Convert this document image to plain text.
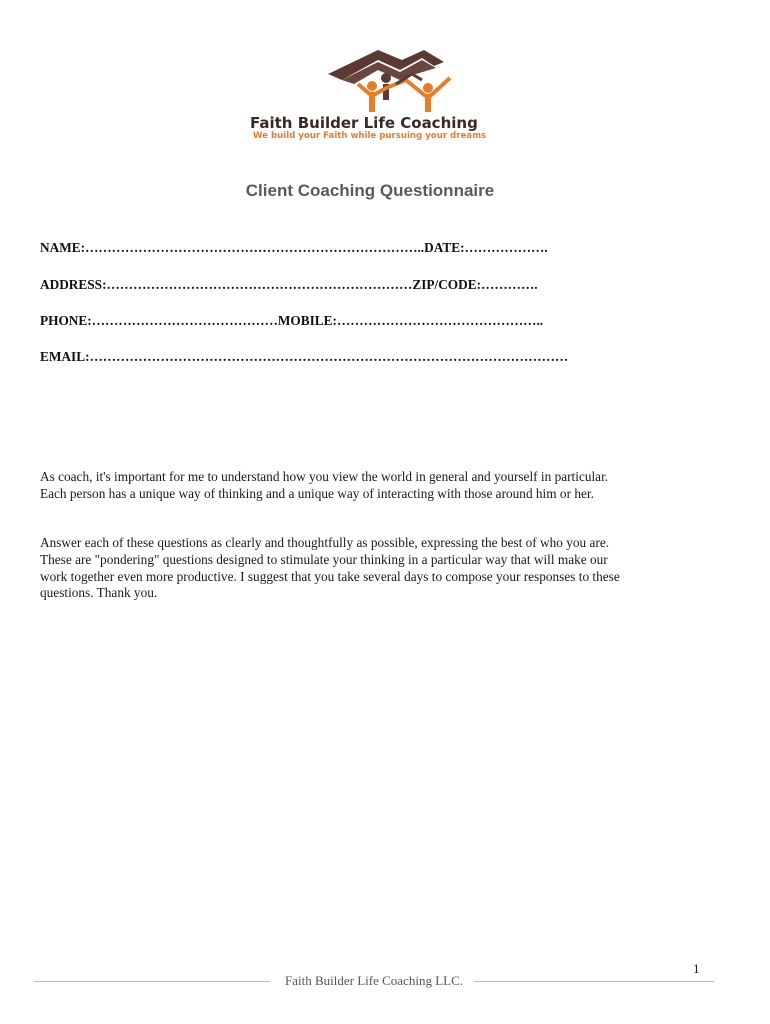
Faith Builder Life Coaching
We build your Faith while pursuing your dreams
Client Coaching Questionnaire
NAME:…………………………………………………………………..DATE:……………….
ADDRESS:……………………………………………………………ZIP/CODE:………….
PHONE:……………………………………MOBILE:………………………………………..
EMAIL:………………………………………………………………………………………………
As coach, it's important for me to understand how you view the world in general and yourself in particular.
Each person has a unique way of thinking and a unique way of interacting with those around him or her.
Answer each of these questions as clearly and thoughtfully as possible, expressing the best of who you are.
These are "pondering" questions designed to stimulate your thinking in a particular way that will make our
work together even more productive. I suggest that you take several days to compose your responses to these
questions. Thank you.
1
Faith Builder Life Coaching LLC.
